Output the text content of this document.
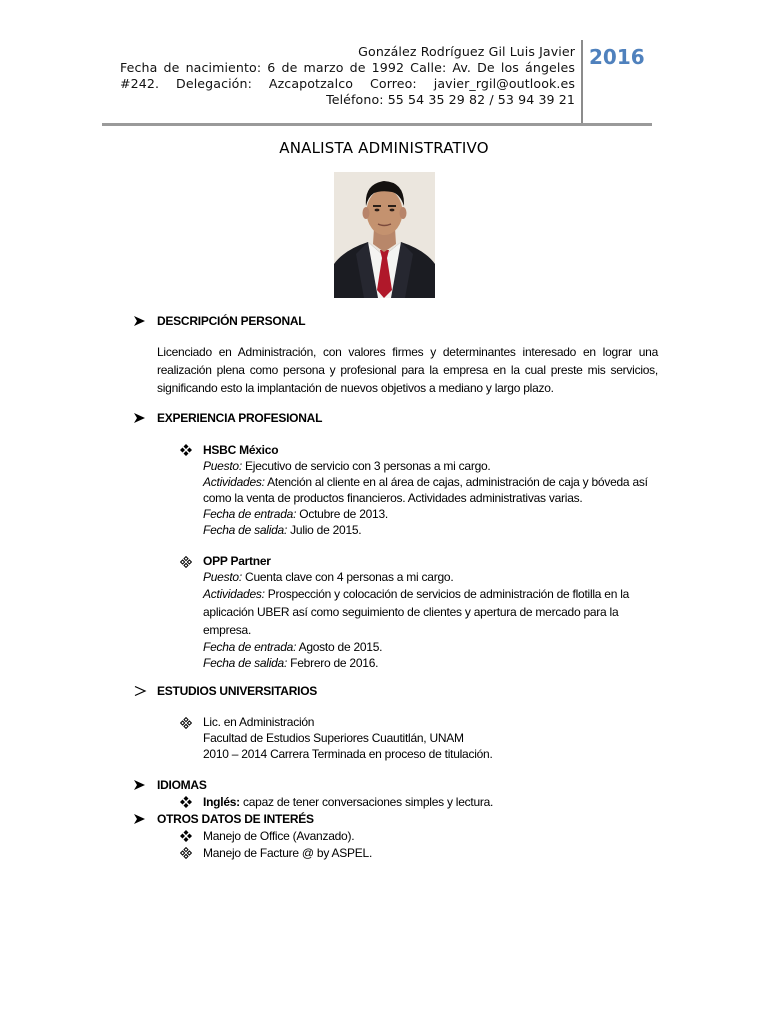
González Rodríguez Gil Luis Javier
Fecha de nacimiento: 6 de marzo de 1992 Calle: Av. De los ángeles #242. Delegación: Azcapotzalco Correo: javier_rgil@outlook.es Teléfono: 55 54 35 29 82 / 53 94 39 21
2016
ANALISTA ADMINISTRATIVO
DESCRIPCIÓN PERSONAL
Licenciado en Administración, con valores firmes y determinantes interesado en lograr una realización plena como persona y profesional para la empresa en la cual preste mis servicios, significando esto la implantación de nuevos objetivos a mediano y largo plazo.
EXPERIENCIA PROFESIONAL
HSBC México
Puesto: Ejecutivo de servicio con 3 personas a mi cargo.
Actividades: Atención al cliente en al área de cajas, administración de caja y bóveda así como la venta de productos financieros. Actividades administrativas varias.
Fecha de entrada: Octubre de 2013.
Fecha de salida: Julio de 2015.
OPP Partner
Puesto: Cuenta clave con 4 personas a mi cargo.
Actividades: Prospección y colocación de servicios de administración de flotilla en la aplicación UBER así como seguimiento de clientes y apertura de mercado para la empresa.
Fecha de entrada: Agosto de 2015.
Fecha de salida: Febrero de 2016.
ESTUDIOS UNIVERSITARIOS
Lic. en Administración
Facultad de Estudios Superiores Cuautitlán, UNAM
2010 – 2014 Carrera Terminada en proceso de titulación.
IDIOMAS
Inglés: capaz de tener conversaciones simples y lectura.
OTROS DATOS DE INTERÉS
Manejo de Office (Avanzado).
Manejo de Facture @ by ASPEL.
